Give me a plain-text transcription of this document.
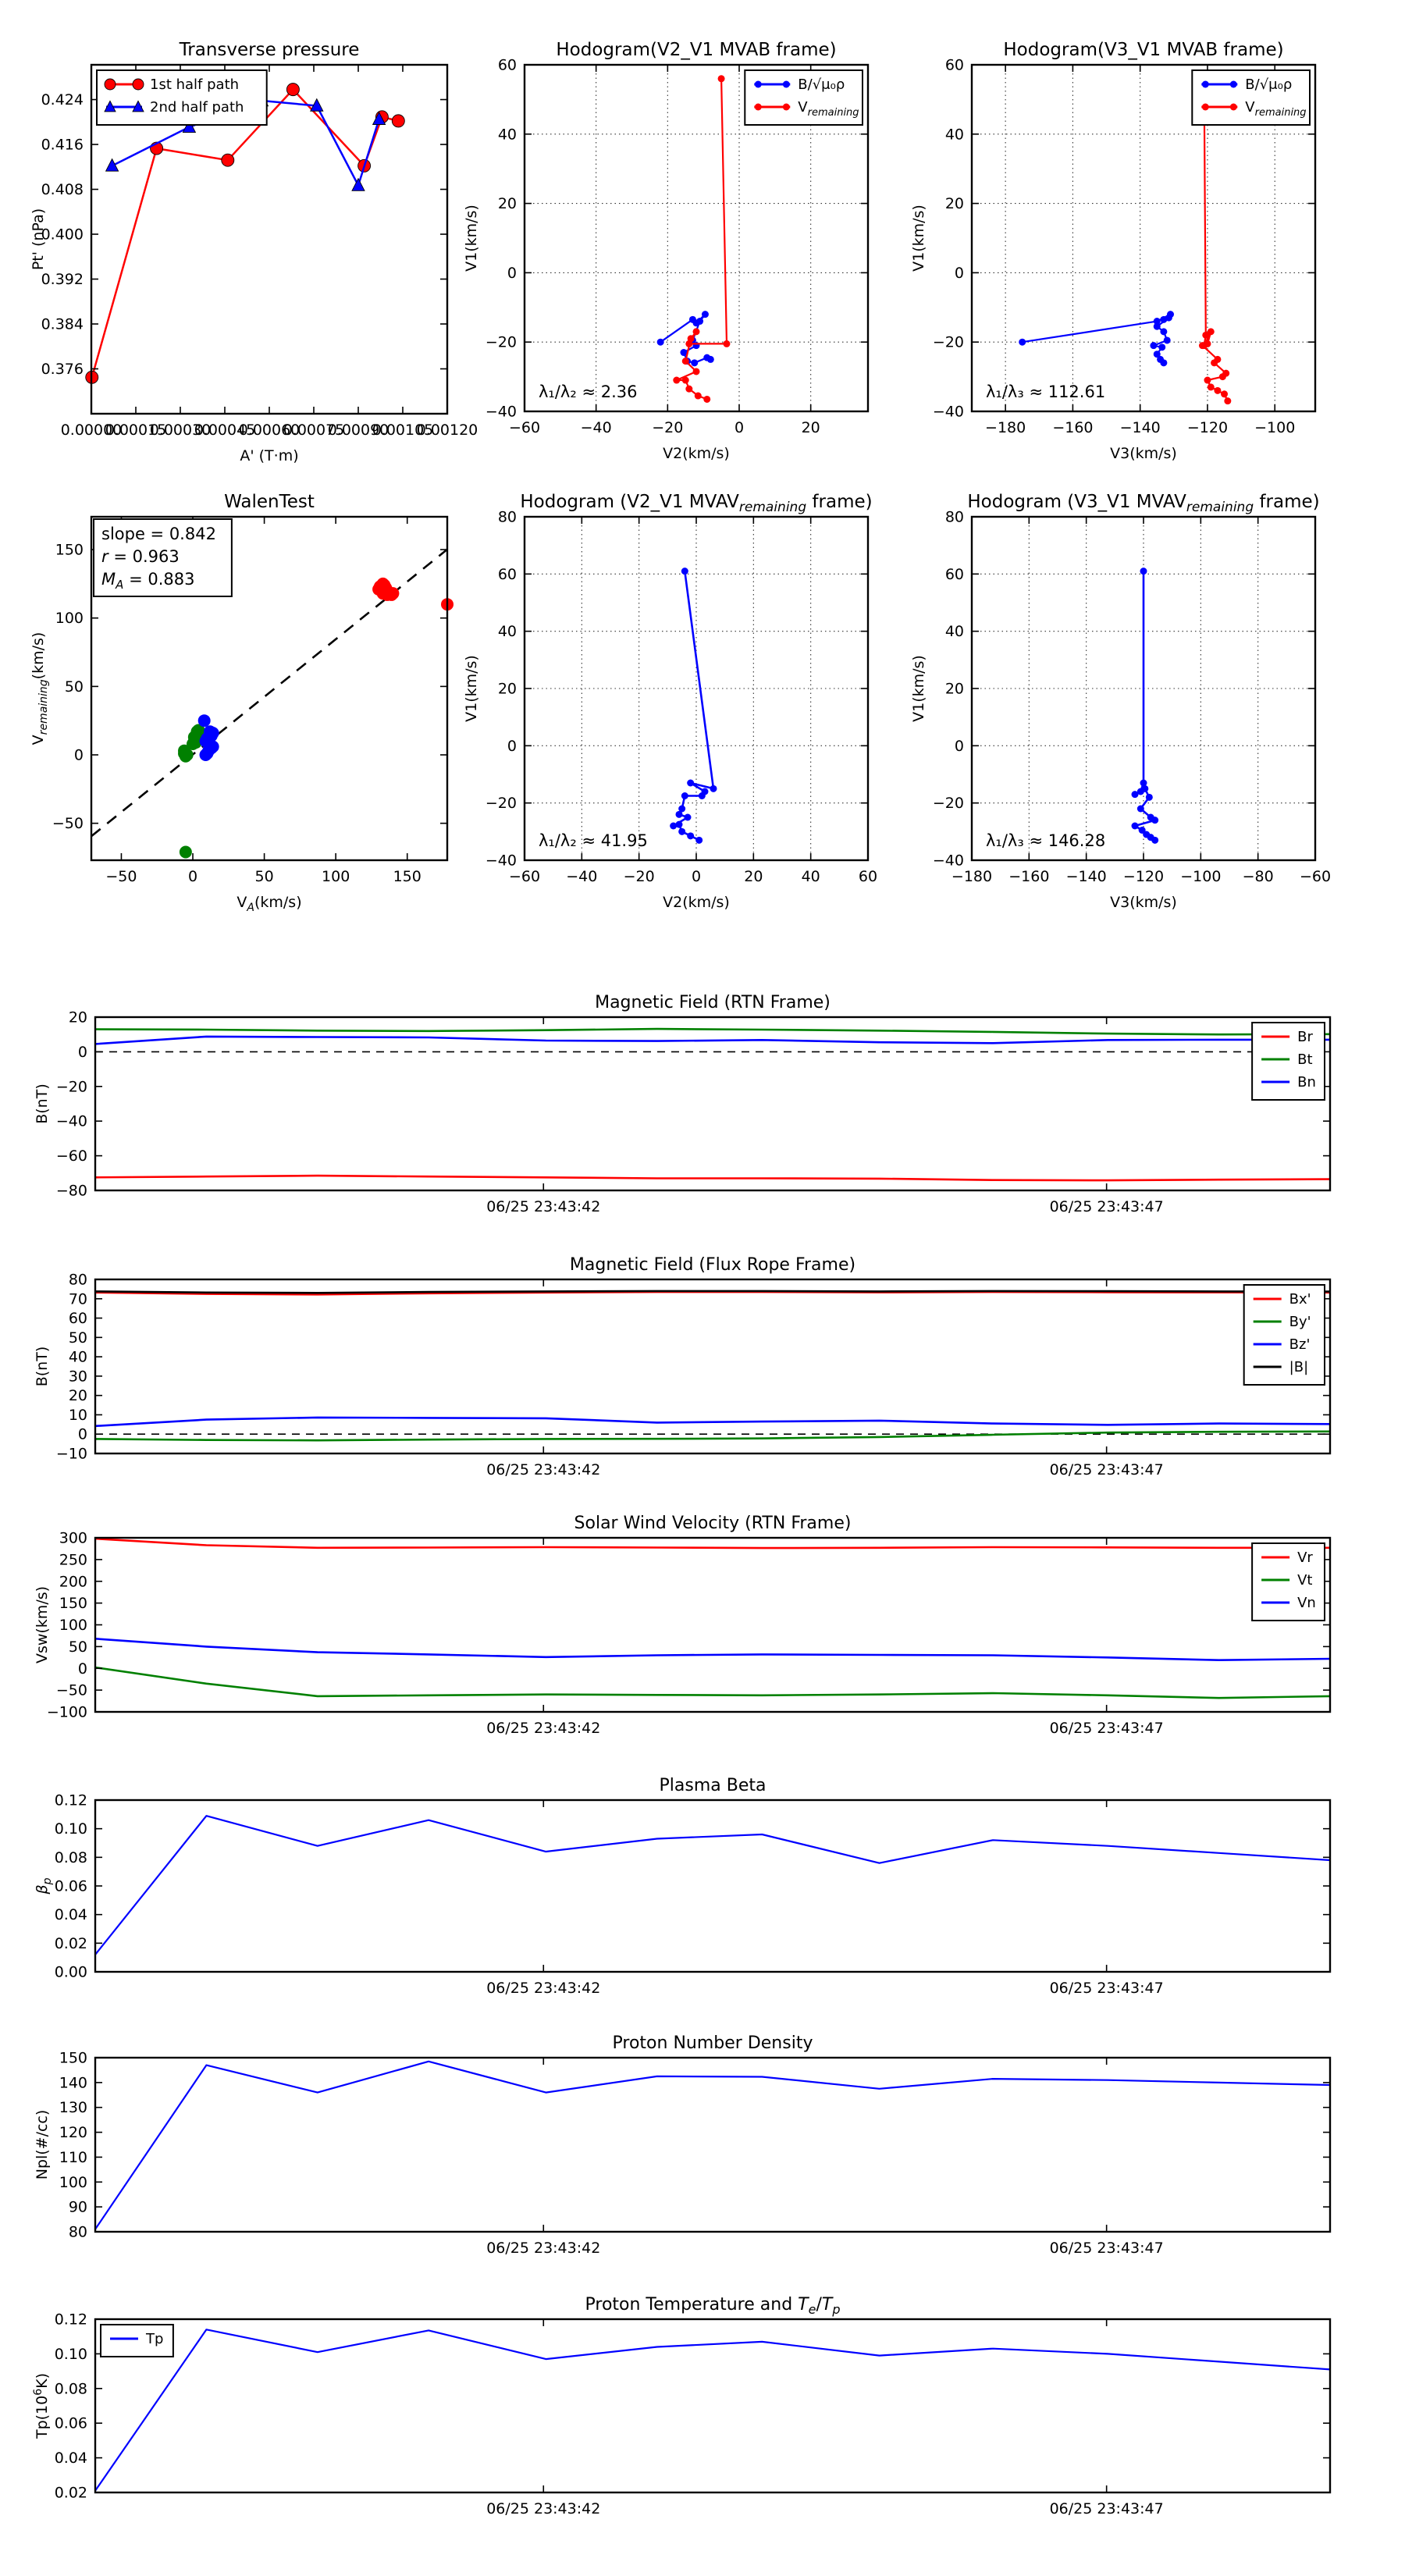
0.00000
0.00015
0.00030
0.00045
0.00060
0.00075
0.00090
0.00105
0.00120
0.376
0.384
0.392
0.400
0.408
0.416
0.424
Transverse pressure
A' (T·m)
Pt' (nPa)
1st half path
2nd half path
−60	−40	−20	0	20
−40
−20
0
20
40
60
Hodogram(V2_V1 MVAB frame)
V2(km/s)
V1(km/s)
λ₁/λ₂ ≈ 2.36
B/√μ₀ρ
$V_{remaining}$
−180 −160 −140 −120 −100
−40
−20
0
20
40
60
Hodogram(V3_V1 MVAB frame)
V3(km/s)
V1(km/s)
λ₁/λ₃ ≈ 112.61
B/√μ₀ρ
$V_{remaining}$
−50	0	50	100	150
−50
0
50
100
150
WalenTest
$V_A(km/s)$
$V_{remaining}(km/s)$
slope = 0.842
r = 0.963
$M_A = 0.883$
−60 −40 −20 0	20	40	60
−40
−20
0
20
40
60
80
Hodogram (V2_V1 $MVAV_{remaining}$ frame)
V2(km/s)
V1(km/s)
λ₁/λ₂ ≈ 41.95
−180 −160 −140 −120 −100 −80 −60
−40
−20
0
20
40
60
80
Hodogram (V3_V1 $MVAV_{remaining}$ frame)
V3(km/s)
V1(km/s)
λ₁/λ₃ ≈ 146.28
06/25 23:43:42	06/25 23:43:47
20
0
−20
−40
−60
−80
Magnetic Field (RTN Frame)
B(nT)
Br
Bt
Bn
06/25 23:43:42	06/25 23:43:47
80
70
60
50
40
30
20
10
0
−10
Magnetic Field (Flux Rope Frame)
B(nT)
Bx'
By'
Bz'
|B|
06/25 23:43:42	06/25 23:43:47
300
250
200
150
100
50
0
−50
−100
Solar Wind Velocity (RTN Frame)
Vsw(km/s)
Vr
Vt
Vn
06/25 23:43:42	06/25 23:43:47
0.12
0.10
0.08
0.06
0.04
0.02
0.00
Plasma Beta
$\beta_p$
06/25 23:43:42	06/25 23:43:47
150
140
130
120
110
100
90
80
Proton Number Density
Npl(#/cc)
06/25 23:43:42	06/25 23:43:47
0.12
0.10
0.08
0.06
0.04
0.02
Proton Temperature and $T_e/T_p$
$Tp(10^6K)$
Tp
